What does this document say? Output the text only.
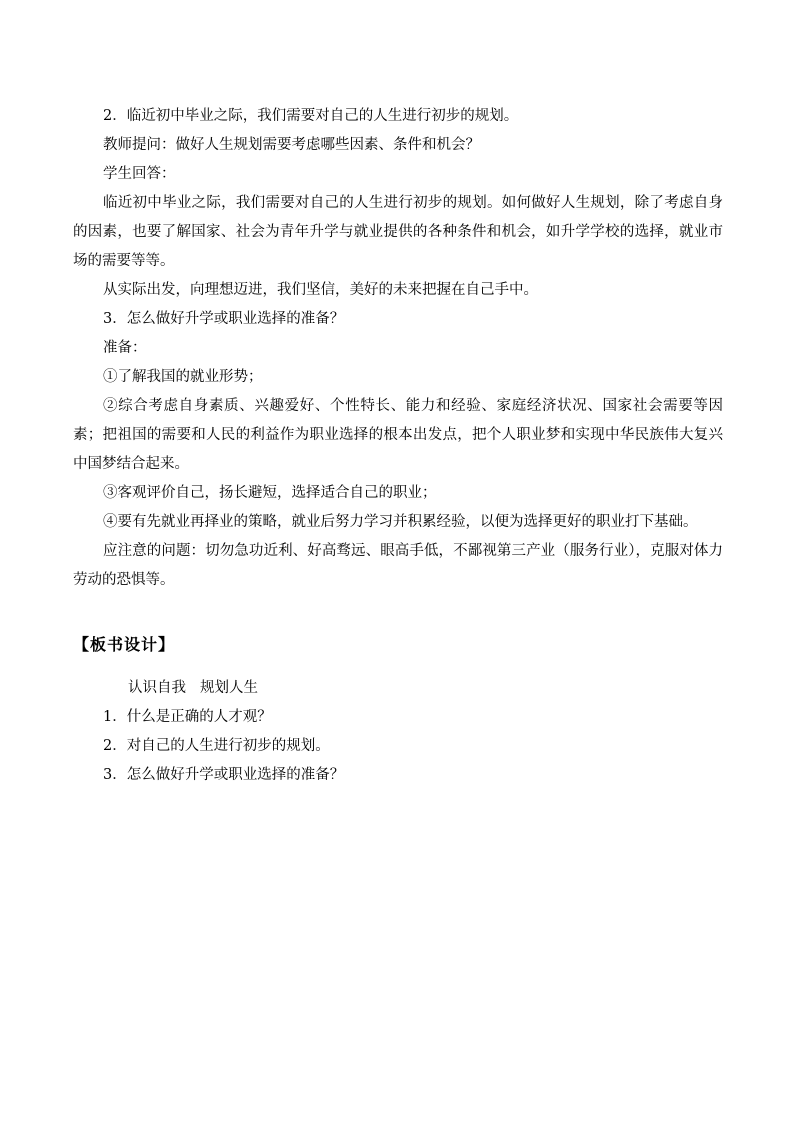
2．临近初中毕业之际，我们需要对自己的人生进行初步的规划。

教师提问：做好人生规划需要考虑哪些因素、条件和机会？

学生回答：

临近初中毕业之际，我们需要对自己的人生进行初步的规划。如何做好人生规划，除了考虑自身的因素，也要了解国家、社会为青年升学与就业提供的各种条件和机会，如升学学校的选择，就业市场的需要等等。

从实际出发，向理想迈进，我们坚信，美好的未来把握在自己手中。

3．怎么做好升学或职业选择的准备？

准备：

①了解我国的就业形势；

②综合考虑自身素质、兴趣爱好、个性特长、能力和经验、家庭经济状况、国家社会需要等因素；把祖国的需要和人民的利益作为职业选择的根本出发点，把个人职业梦和实现中华民族伟大复兴中国梦结合起来。

③客观评价自己，扬长避短，选择适合自己的职业；

④要有先就业再择业的策略，就业后努力学习并积累经验，以便为选择更好的职业打下基础。

应注意的问题：切勿急功近利、好高骛远、眼高手低，不鄙视第三产业（服务行业），克服对体力劳动的恐惧等。

【板书设计】

认识自我 规划人生

1．什么是正确的人才观？

2．对自己的人生进行初步的规划。

3．怎么做好升学或职业选择的准备？
